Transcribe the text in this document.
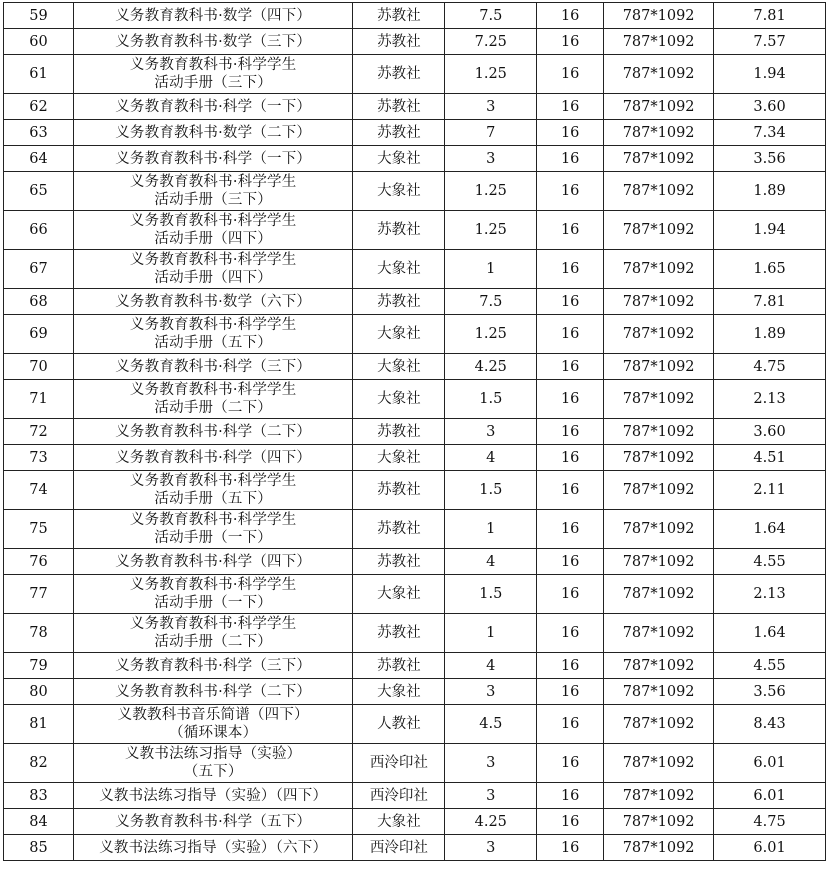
59	义务教育教科书·数学（四下）	苏教社	7.5	16	787*1092	7.81
60	义务教育教科书·数学（三下）	苏教社	7.25	16	787*1092	7.57
61	义务教育教科书·科学学生
活动手册（三下）	苏教社	1.25	16	787*1092	1.94
62	义务教育教科书·科学（一下）	苏教社	3	16	787*1092	3.60
63	义务教育教科书·数学（二下）	苏教社	7	16	787*1092	7.34
64	义务教育教科书·科学（一下）	大象社	3	16	787*1092	3.56
65	义务教育教科书·科学学生
活动手册（三下）	大象社	1.25	16	787*1092	1.89
66	义务教育教科书·科学学生
活动手册（四下）	苏教社	1.25	16	787*1092	1.94
67	义务教育教科书·科学学生
活动手册（四下）	大象社	1	16	787*1092	1.65
68	义务教育教科书·数学（六下）	苏教社	7.5	16	787*1092	7.81
69	义务教育教科书·科学学生
活动手册（五下）	大象社	1.25	16	787*1092	1.89
70	义务教育教科书·科学（三下）	大象社	4.25	16	787*1092	4.75
71	义务教育教科书·科学学生
活动手册（二下）	大象社	1.5	16	787*1092	2.13
72	义务教育教科书·科学（二下）	苏教社	3	16	787*1092	3.60
73	义务教育教科书·科学（四下）	大象社	4	16	787*1092	4.51
74	义务教育教科书·科学学生
活动手册（五下）	苏教社	1.5	16	787*1092	2.11
75	义务教育教科书·科学学生
活动手册（一下）	苏教社	1	16	787*1092	1.64
76	义务教育教科书·科学（四下）	苏教社	4	16	787*1092	4.55
77	义务教育教科书·科学学生
活动手册（一下）	大象社	1.5	16	787*1092	2.13
78	义务教育教科书·科学学生
活动手册（二下）	苏教社	1	16	787*1092	1.64
79	义务教育教科书·科学（三下）	苏教社	4	16	787*1092	4.55
80	义务教育教科书·科学（二下）	大象社	3	16	787*1092	3.56
81	义教教科书音乐简谱（四下）
（循环课本）	人教社	4.5	16	787*1092	8.43
82	义教书法练习指导（实验）
（五下）	西泠印社	3	16	787*1092	6.01
83	义教书法练习指导（实验）（四下）	西泠印社	3	16	787*1092	6.01
84	义务教育教科书·科学（五下）	大象社	4.25	16	787*1092	4.75
85	义教书法练习指导（实验）（六下）	西泠印社	3	16	787*1092	6.01
